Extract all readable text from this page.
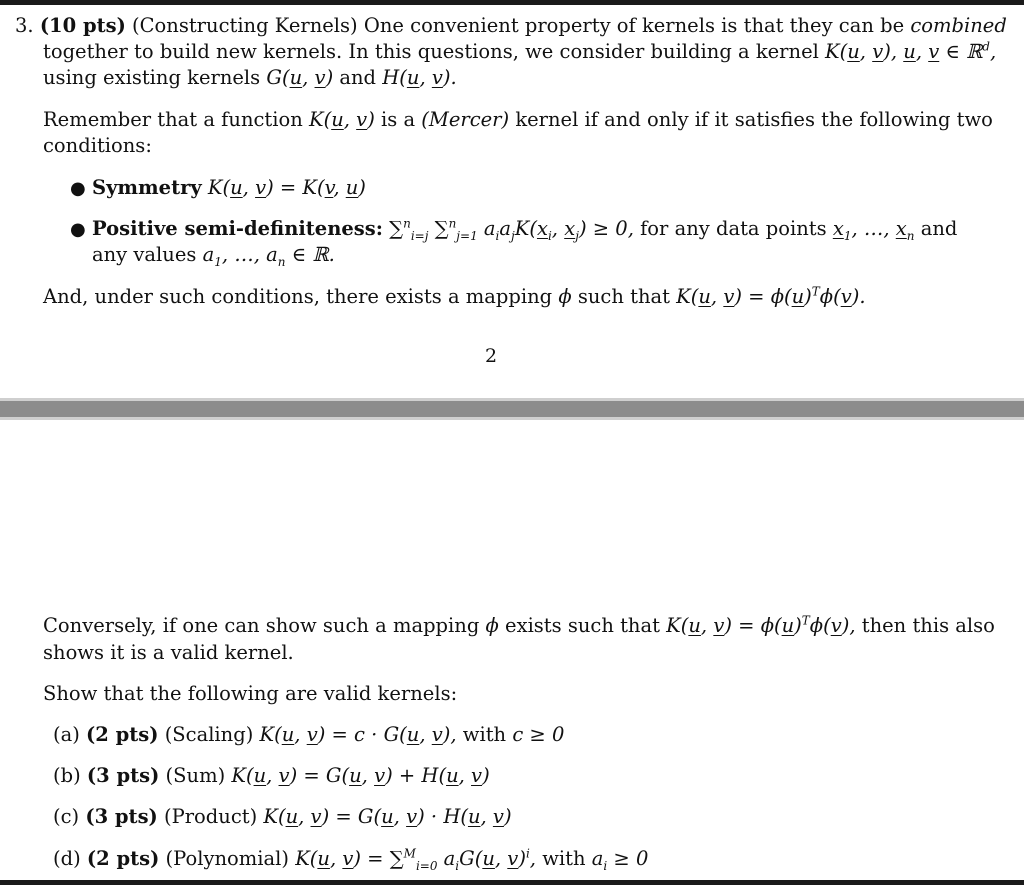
3. (10 pts) (Constructing Kernels) One convenient property of kernels is that they can be combined
together to build new kernels. In this questions, we consider building a kernel K(u, v), u, v ∈ ℝ$^d$,
using existing kernels G(u, v) and H(u, v).
Remember that a function K(u, v) is a (Mercer) kernel if and only if it satisfies the following two
conditions:
● Symmetry K(u, v) = K(v, u)
● Positive semi-definiteness: ∑$^n_{i=j}$ ∑$^n_{j=1}$ $a_ia_jK(x_i$, $x_j) \ge 0$, for any data points $x_1$, …, $x_n$ and
any values $a_1$, …, $a_n$ ∈ ℝ.
And, under such conditions, there exists a mapping ϕ such that K(u, $v) = \phi(u)^T\phi(v)$.
2
Conversely, if one can show such a mapping ϕ exists such that K(u, $v) = \phi(u)^T\phi(v)$, then this also
shows it is a valid kernel.
Show that the following are valid kernels:
(a) (2 pts) (Scaling) K(u, v) = c · G(u, v), with c ≥ 0
(b) (3 pts) (Sum) K(u, v) = G(u, v) + H(u, v)
(c) (3 pts) (Product) K(u, v) = G(u, v) · H(u, v)
(d) (2 pts) (Polynomial) K(u, v) = ∑$^M_{i=0}$ $a_iG(u$, v)$^i$, with $a_i \ge 0$
